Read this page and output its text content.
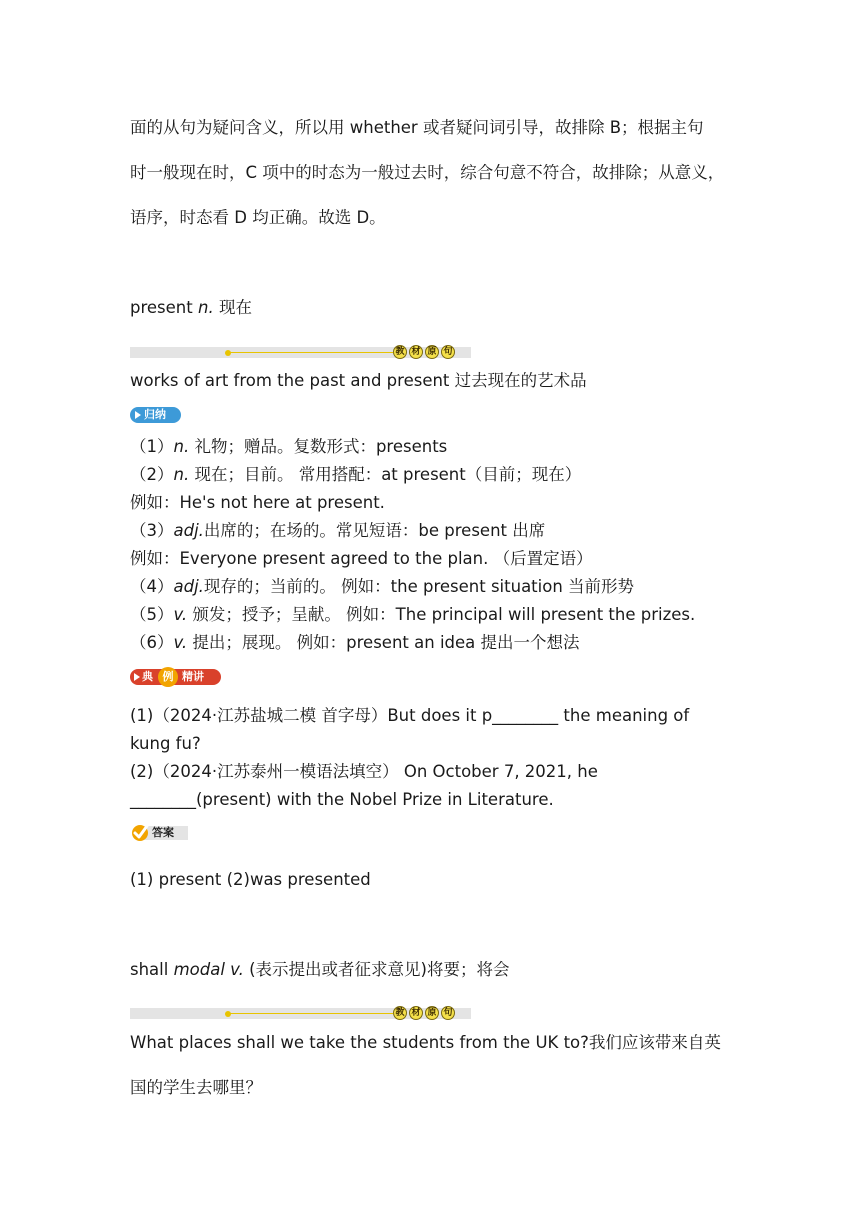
面的从句为疑问含义，所以用 whether 或者疑问词引导，故排除 B；根据主句
时一般现在时，C 项中的时态为一般过去时，综合句意不符合，故排除；从意义，
语序，时态看 D 均正确。故选 D。
present n. 现在
教 材 原 句
works of art from the past and present 过去现在的艺术品
归纳
（1）n. 礼物；赠品。复数形式：presents
（2）n. 现在；目前。 常用搭配：at present（目前；现在）
例如：He's not here at present.
（3）adj.出席的；在场的。常见短语：be present 出席
例如：Everyone present agreed to the plan. （后置定语）
（4）adj.现存的；当前的。 例如：the present situation 当前形势
（5）v. 颁发；授予；呈献。 例如：The principal will present the prizes.
（6）v. 提出；展现。 例如：present an idea 提出一个想法
典 例 精讲
(1)（2024·江苏盐城二模 首字母）But does it p________ the meaning of
kung fu?
(2)（2024·江苏泰州一模语法填空） On October 7, 2021, he
________(present) with the Nobel Prize in Literature.
答案
(1) present (2)was presented
shall modal v. (表示提出或者征求意见)将要；将会
教 材 原 句
What places shall we take the students from the UK to?我们应该带来自英
国的学生去哪里？
